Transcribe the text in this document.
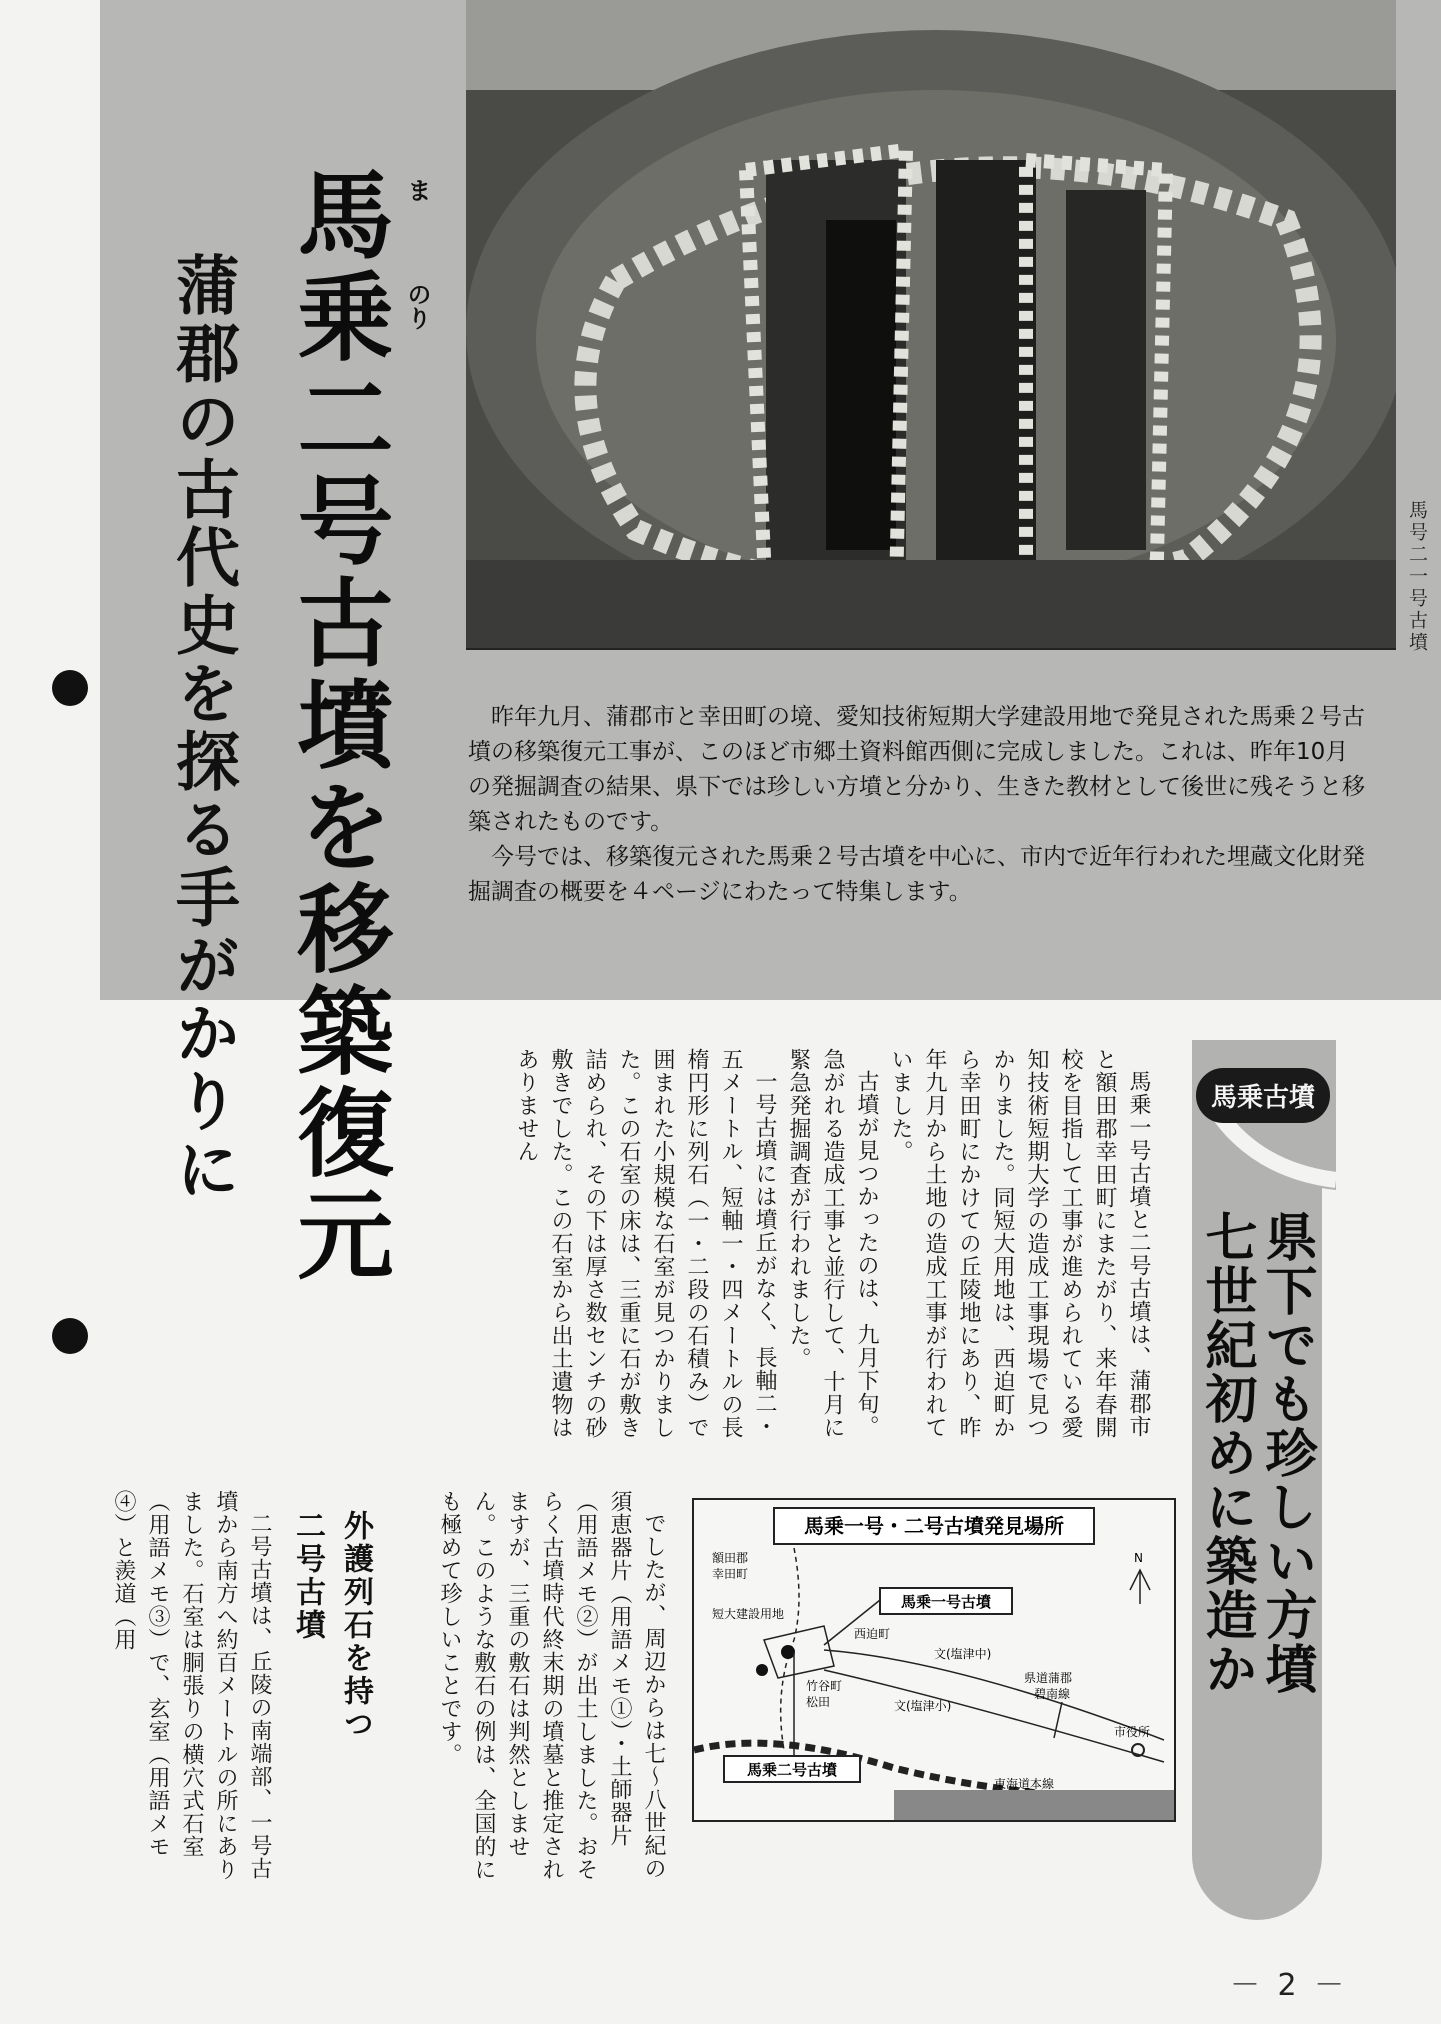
馬号二一号古墳
馬乗二号古墳を移築復元 ま
のり
蒲郡の古代史を探る手がかりに	昨年九月、蒲郡市と幸田町の境、愛知技術短期大学建設用地で発見された馬乗２号古墳の移築復元工事が、このほど市郷土資料館西側に完成しました。これは、昨年10月の発掘調査の結果、県下では珍しい方墳と分かり、生きた教材として後世に残そうと移築されたものです。

今号では、移築復元された馬乗２号古墳を中心に、市内で近年行われた埋蔵文化財発掘調査の概要を４ページにわたって特集します。

馬乗古墳
県下でも珍しい方墳
七世紀初めに築造か

馬乗一号古墳と二号古墳は、蒲郡市と額田郡幸田町にまたがり、来年春開校を目指して工事が進められている愛知技術短期大学の造成工事現場で見つかりました。同短大用地は、西迫町から幸田町にかけての丘陵地にあり、昨年九月から土地の造成工事が行われていました。

古墳が見つかったのは、九月下旬。急がれる造成工事と並行して、十月に緊急発掘調査が行われました。

一号古墳には墳丘がなく、長軸二・五メートル、短軸一・四メートルの長楕円形に列石（一・二段の石積み）で囲まれた小規模な石室が見つかりました。この石室の床は、三重に石が敷き詰められ、その下は厚さ数センチの砂敷きでした。この石室から出土遺物はありません

でしたが、周辺からは七～八世紀の須恵器片（用語メモ①）・土師器片（用語メモ②）が出土しました。おそらく古墳時代終末期の墳墓と推定されますが、三重の敷石は判然としません。このような敷石の例は、全国的にも極めて珍しいことです。

外護列石を持つ
二号古墳

二号古墳は、丘陵の南端部、一号古墳から南方へ約百メートルの所にありました。石室は胴張りの横穴式石室（用語メモ③）で、玄室（用語メモ④）と羨道（用	馬乗一号・二号古墳発見場所
額田郡
幸田町
短大建設用地
馬乗一号古墳
西迫町
竹谷町
松田
文(塩津中)
文(塩津小)
県道蒲郡
碧南線
市役所
N
東海道本線
馬乗二号古墳
－ 2 －
